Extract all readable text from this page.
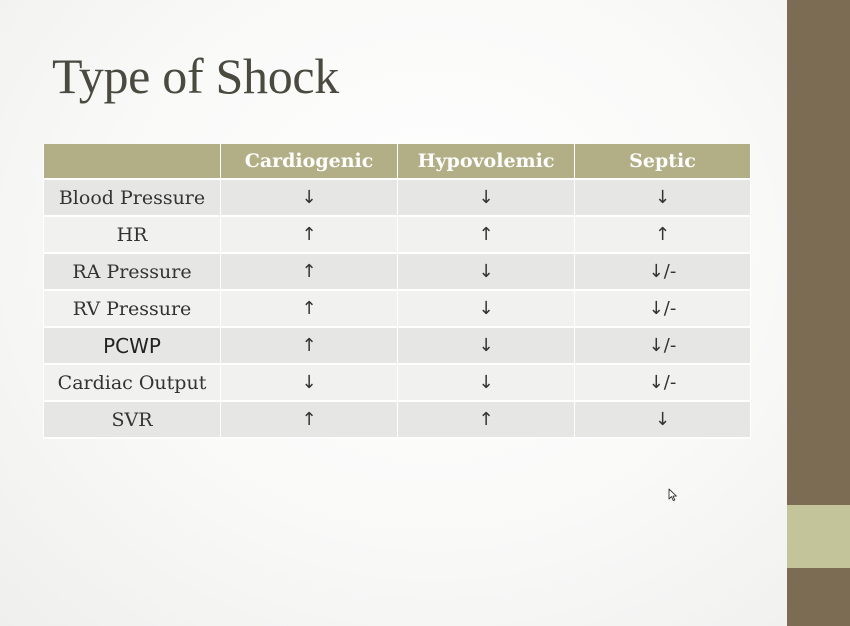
Type of Shock
	Cardiogenic	Hypovolemic	Septic
Blood Pressure	↓	↓	↓
HR	↑	↑	↑
RA Pressure	↑	↓	↓/-
RV Pressure	↑	↓	↓/-
PCWP	↑	↓	↓/-
Cardiac Output	↓	↓	↓/-
SVR	↑	↑	↓
